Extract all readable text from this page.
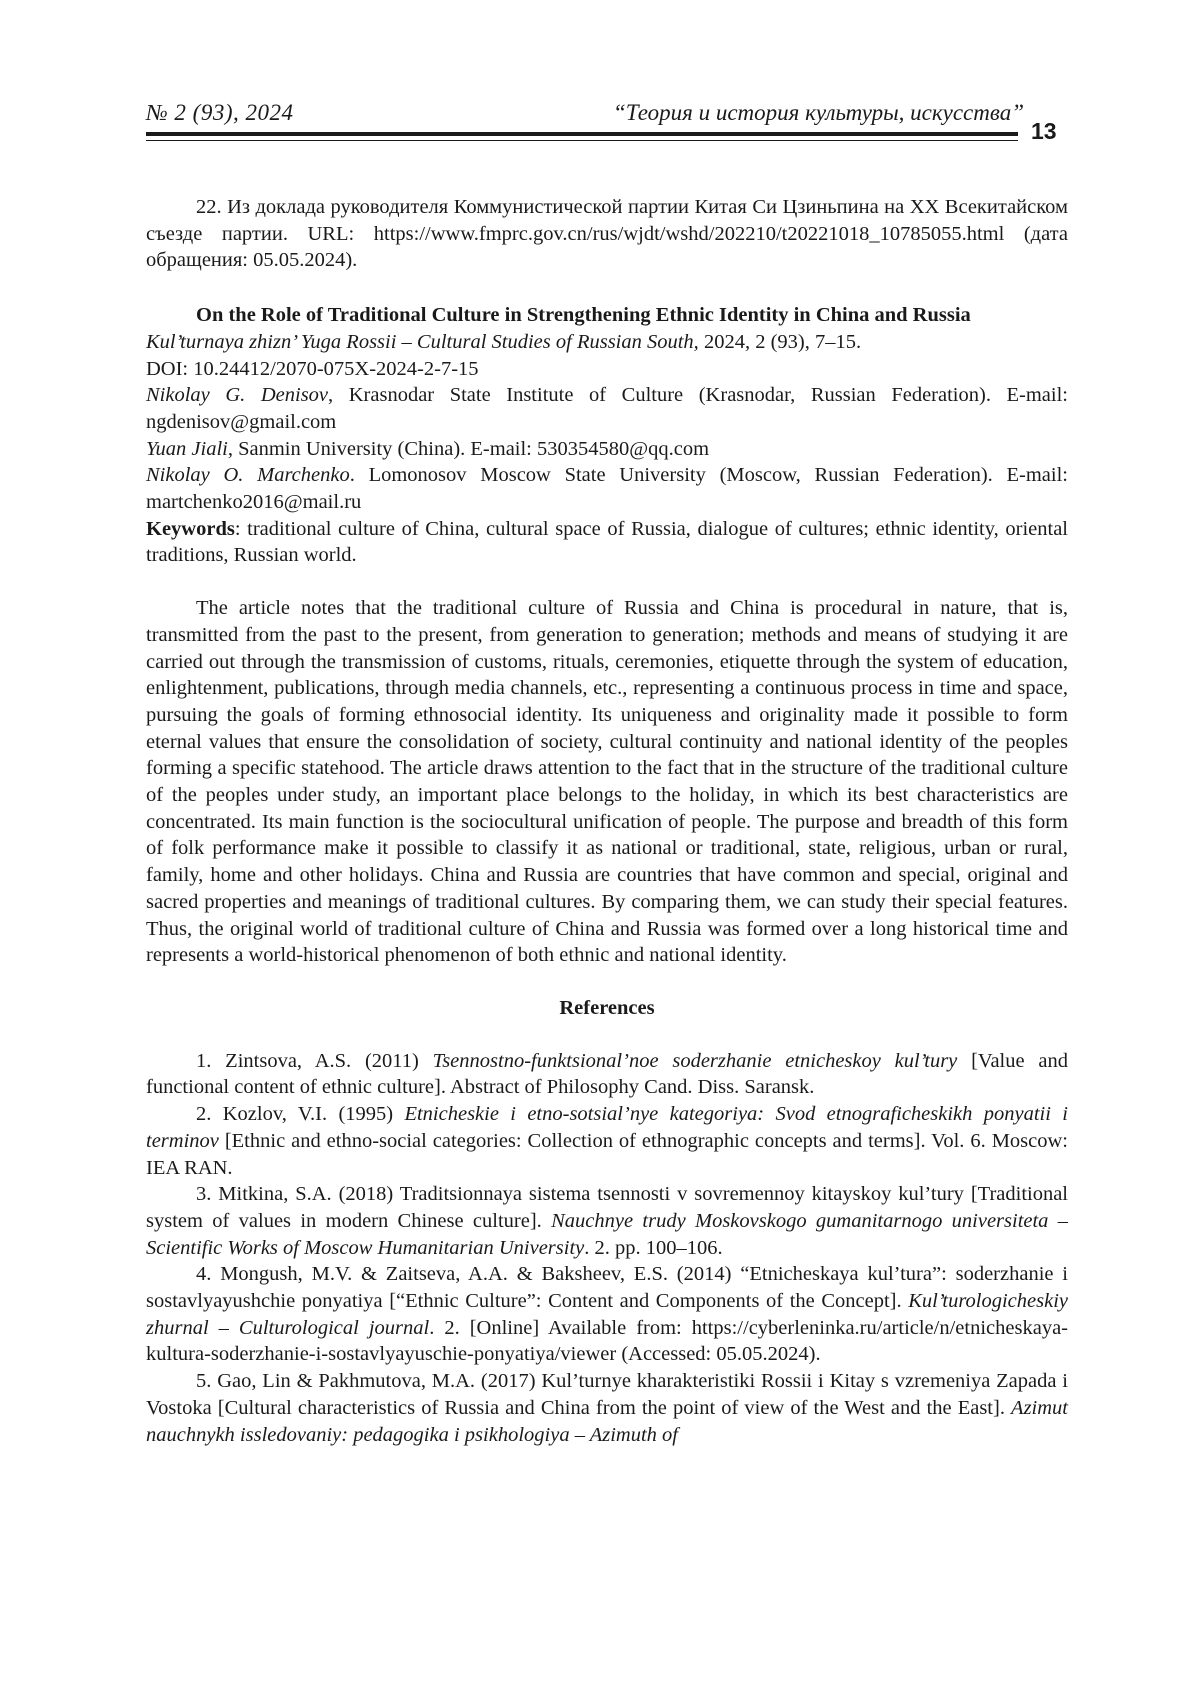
№ 2 (93), 2024	“Теория и история культуры, искусства”
13

22. Из доклада руководителя Коммунистической партии Китая Си Цзиньпина на XX Всекитайском съезде партии. URL: https://www.fmprc.gov.cn/rus/wjdt/wshd/202210/t20221018_10785055.html (дата обращения: 05.05.2024).

On the Role of Traditional Culture in Strengthening Ethnic Identity in China and Russia

Kul’turnaya zhizn’ Yuga Rossii – Cultural Studies of Russian South, 2024, 2 (93), 7–15.

DOI: 10.24412/2070-075X-2024-2-7-15

Nikolay G. Denisov, Krasnodar State Institute of Culture (Krasnodar, Russian Federation). E-mail: ngdenisov@gmail.com

Yuan Jiali, Sanmin University (China). E-mail: 530354580@qq.com

Nikolay O. Marchenko. Lomonosov Moscow State University (Moscow, Russian Federation). E-mail: martchenko2016@mail.ru

Keywords: traditional culture of China, cultural space of Russia, dialogue of cultures; ethnic identity, oriental traditions, Russian world.

The article notes that the traditional culture of Russia and China is procedural in nature, that is, transmitted from the past to the present, from generation to generation; methods and means of studying it are carried out through the transmission of customs, rituals, ceremonies, etiquette through the system of education, enlightenment, publications, through media channels, etc., representing a continuous process in time and space, pursuing the goals of forming ethnosocial identity. Its uniqueness and originality made it possible to form eternal values that ensure the consolidation of society, cultural continuity and national identity of the peoples forming a specific statehood. The article draws attention to the fact that in the structure of the traditional culture of the peoples under study, an important place belongs to the holiday, in which its best characteristics are concentrated. Its main function is the sociocultural unification of people. The purpose and breadth of this form of folk performance make it possible to classify it as national or traditional, state, religious, urban or rural, family, home and other holidays. China and Russia are countries that have common and special, original and sacred properties and meanings of traditional cultures. By comparing them, we can study their special features. Thus, the original world of traditional culture of China and Russia was formed over a long historical time and represents a world-historical phenomenon of both ethnic and national identity.

References

1. Zintsova, A.S. (2011) Tsennostno-funktsional’noe soderzhanie etnicheskoy kul’tury [Value and functional content of ethnic culture]. Abstract of Philosophy Cand. Diss. Saransk.

2. Kozlov, V.I. (1995) Etnicheskie i etno-sotsial’nye kategoriya: Svod etnograficheskikh ponyatii i terminov [Ethnic and ethno-social categories: Collection of ethnographic concepts and terms]. Vol. 6. Moscow: IEA RAN.

3. Mitkina, S.A. (2018) Traditsionnaya sistema tsennosti v sovremennoy kitayskoy kul’tury [Traditional system of values in modern Chinese culture]. Nauchnye trudy Moskovskogo gumanitarnogo universiteta – Scientific Works of Moscow Humanitarian University. 2. pp. 100–106.

4. Mongush, M.V. & Zaitseva, A.A. & Baksheev, E.S. (2014) “Etnicheskaya kul’tura”: soderzhanie i sostavlyayushchie ponyatiya [“Ethnic Culture”: Content and Components of the Concept]. Kul’turologicheskiy zhurnal – Culturological journal. 2. [Online] Available from: https://cyberleninka.ru/article/n/etnicheskaya-kultura-soderzhanie-i-sostavlyayuschie-ponyatiya/viewer (Accessed: 05.05.2024).

5. Gao, Lin & Pakhmutova, M.A. (2017) Kul’turnye kharakteristiki Rossii i Kitay s vzremeniya Zapada i Vostoka [Cultural characteristics of Russia and China from the point of view of the West and the East]. Azimut nauchnykh issledovaniy: pedagogika i psikhologiya – Azimuth of
